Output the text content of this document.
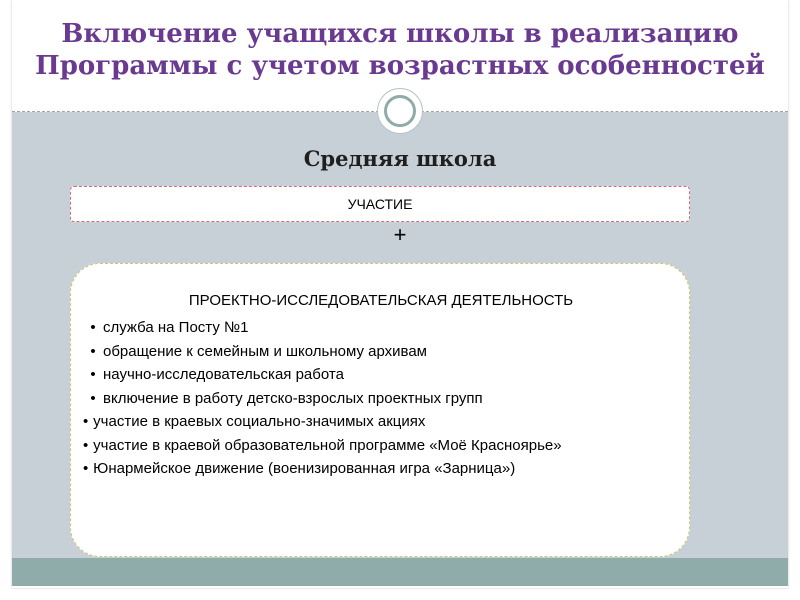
Включение учащихся школы в реализацию
Программы с учетом возрастных особенностей
Средняя школа
УЧАСТИЕ
+
ПРОЕКТНО-ИССЛЕДОВАТЕЛЬСКАЯ ДЕЯТЕЛЬНОСТЬ
• служба на Посту №1
• обращение к семейным и школьному архивам
• научно-исследовательская работа
• включение в работу детско-взрослых проектных групп
• участие в краевых социально-значимых акциях
• участие в краевой образовательной программе «Моё Красноярье»
• Юнармейское движение (военизированная игра «Зарница»)
